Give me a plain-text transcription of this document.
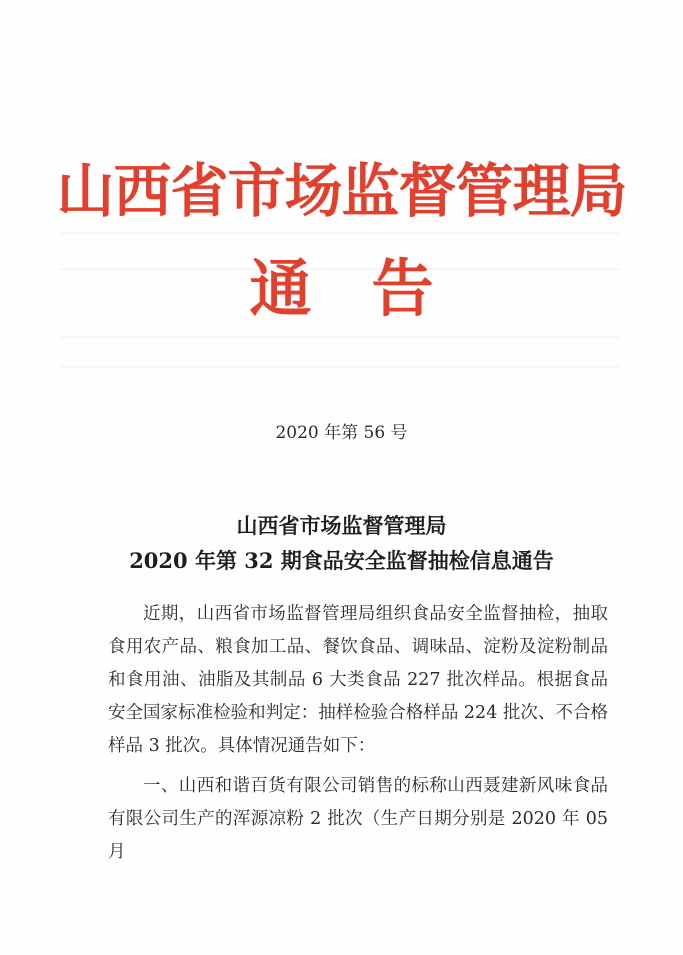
山西省市场监督管理局
通 告
2020 年第 56 号
山西省市场监督管理局
2020 年第 32 期食品安全监督抽检信息通告
近期，山西省市场监督管理局组织食品安全监督抽检，抽取食用农产品、粮食加工品、餐饮食品、调味品、淀粉及淀粉制品和食用油、油脂及其制品 6 大类食品 227 批次样品。根据食品安全国家标准检验和判定：抽样检验合格样品 224 批次、不合格样品 3 批次。具体情况通告如下：
一、山西和谐百货有限公司销售的标称山西聂建新风味食品有限公司生产的浑源凉粉 2 批次（生产日期分别是 2020 年 05 月
